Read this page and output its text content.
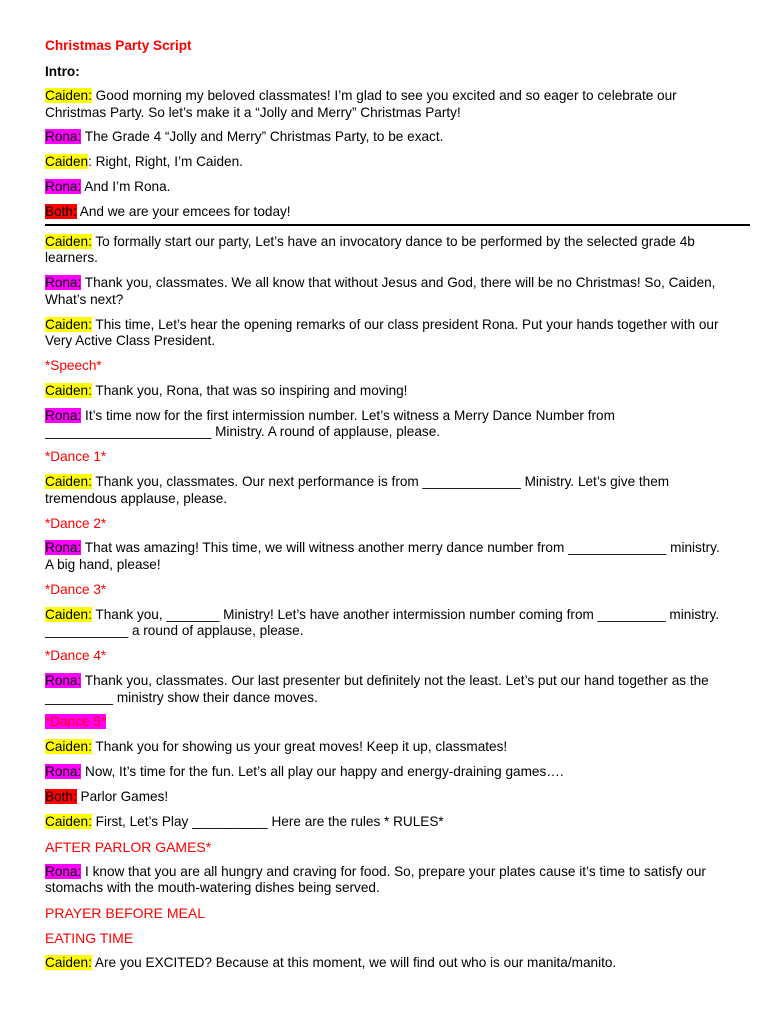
Christmas Party Script
Intro:
Caiden: Good morning my beloved classmates! I’m glad to see you excited and so eager to celebrate our Christmas Party. So let’s make it a “Jolly and Merry” Christmas Party!
Rona: The Grade 4 “Jolly and Merry” Christmas Party, to be exact.
Caiden: Right, Right, I’m Caiden.
Rona: And I’m Rona.
Both: And we are your emcees for today!
Caiden: To formally start our party, Let’s have an invocatory dance to be performed by the selected grade 4b learners.
Rona: Thank you, classmates. We all know that without Jesus and God, there will be no Christmas! So, Caiden, What’s next?
Caiden: This time, Let’s hear the opening remarks of our class president Rona. Put your hands together with our Very Active Class President.
*Speech*
Caiden: Thank you, Rona, that was so inspiring and moving!
Rona: It’s time now for the first intermission number. Let’s witness a Merry Dance Number from ______________________ Ministry. A round of applause, please.
*Dance 1*
Caiden: Thank you, classmates. Our next performance is from _____________ Ministry. Let’s give them tremendous applause, please.
*Dance 2*
Rona: That was amazing! This time, we will witness another merry dance number from _____________ ministry. A big hand, please!
*Dance 3*
Caiden: Thank you, _______ Ministry! Let’s have another intermission number coming from _________ ministry. ___________ a round of applause, please.
*Dance 4*
Rona: Thank you, classmates. Our last presenter but definitely not the least. Let’s put our hand together as the _________ ministry show their dance moves.
*Dance 5*
Caiden: Thank you for showing us your great moves! Keep it up, classmates!
Rona: Now, It’s time for the fun. Let’s all play our happy and energy-draining games….
Both: Parlor Games!
Caiden: First, Let’s Play __________ Here are the rules * RULES*
AFTER PARLOR GAMES*
Rona: I know that you are all hungry and craving for food. So, prepare your plates cause it’s time to satisfy our stomachs with the mouth-watering dishes being served.
PRAYER BEFORE MEAL
EATING TIME
Caiden: Are you EXCITED? Because at this moment, we will find out who is our manita/manito.
